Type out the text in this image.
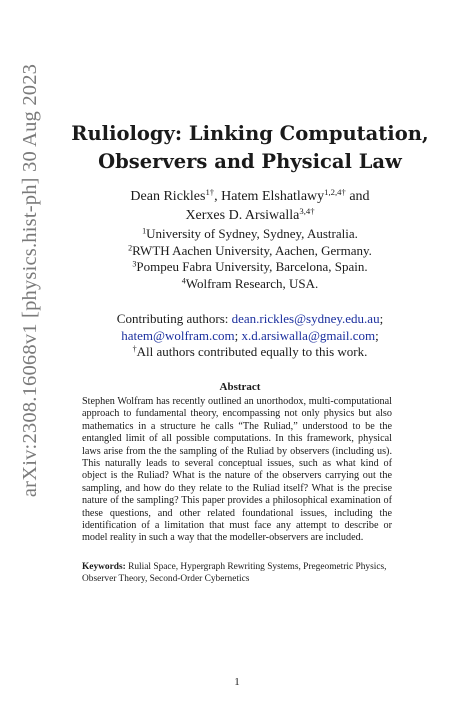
arXiv:2308.16068v1 [physics.hist-ph] 30 Aug 2023	Ruliology: Linking Computation,
Observers and Physical Law
Dean Rickles$^{1\dagger}$, Hatem Elshatlawy$^{1,2,4\dagger}$ and
Xerxes D. Arsiwalla$^{3,4\dagger}$
$^1$University of Sydney, Sydney, Australia.
$^2$RWTH Aachen University, Aachen, Germany.
$^3$Pompeu Fabra University, Barcelona, Spain.
$^4$Wolfram Research, USA.
Contributing authors: dean.rickles@sydney.edu.au;
hatem@wolfram.com; x.d.arsiwalla@gmail.com;
†All authors contributed equally to this work.
Abstract
Stephen Wolfram has recently outlined an unorthodox, multi-computational approach to fundamental theory, encompassing not only physics but also mathematics in a structure he calls “The Ruliad,” understood to be the entangled limit of all possible computations. In this framework, physical laws arise from the the sampling of the Ruliad by observers (including us). This naturally leads to several conceptual issues, such as what kind of object is the Ruliad? What is the nature of the observers carrying out the sampling, and how do they relate to the Ruliad itself? What is the precise nature of the sampling? This paper provides a philosophical examination of these questions, and other related foundational issues, including the identification of a limitation that must face any attempt to describe or model reality in such a way that the modeller-observers are included.
Keywords: Rulial Space, Hypergraph Rewriting Systems, Pregeometric Physics, Observer Theory, Second-Order Cybernetics
1
